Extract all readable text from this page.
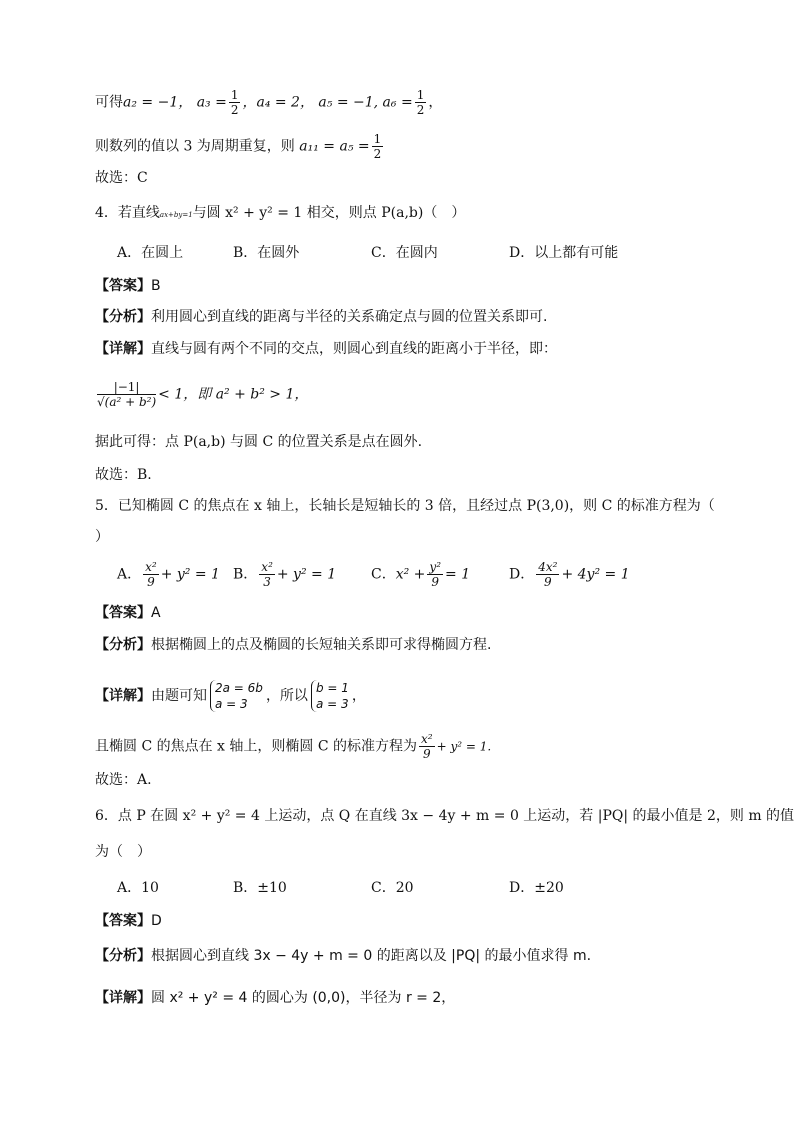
可得a₂ = −1， $a_3 = \frac{1}{2}$ ，a₄ = 2， a₅ = −1, $a_6 = \frac{1}{2}$ ，
则数列的值以 3 为周期重复，则 $a_{11} = a_5 = \frac{1}{2}$
故选：C
4．若直线ax+by=1与圆 x² + y² = 1 相交，则点 P(a,b)（　）
A．在圆上	B．在圆外	C．在圆内	D．以上都有可能
【答案】B
【分析】利用圆心到直线的距离与半径的关系确定点与圆的位置关系即可.
【详解】直线与圆有两个不同的交点，则圆心到直线的距离小于半径，即：
$\frac{|-1|}{\text{√(a² + b²)}} < 1$，即 a² + b² > 1，
据此可得：点 P(a,b) 与圆 C 的位置关系是点在圆外.
故选：B.
5．已知椭圆 C 的焦点在 x 轴上，长轴长是短轴长的 3 倍，且经过点 P(3,0)，则 C 的标准方程为（
）
A． $\frac{\text{x²}}{9} + y^2 = 1$ B． $\frac{\text{x²}}{3} + y^2 = 1$ C．$x^2 + \frac{\text{y²}}{9} = 1$	D． $\frac{\text{4x²}}{9} + 4y^2 = 1$
【答案】A
【分析】根据椭圆上的点及椭圆的长短轴关系即可求得椭圆方程.
【详解】由题可知 2a = 6b
a = 3	，所以 b = 1
a = 3 ，
且椭圆 C 的焦点在 x 轴上，则椭圆 C 的标准方程为 $\frac{\text{x²}}{9} + y^2 = 1$.
故选：A.
6．点 P 在圆 x² + y² = 4 上运动，点 Q 在直线 3x − 4y + m = 0 上运动，若 |PQ| 的最小值是 2，则 m 的值
为（　）
A．10	B．±10	C．20	D．±20
【答案】D
【分析】根据圆心到直线 3x − 4y + m = 0 的距离以及 |PQ| 的最小值求得 m.
【详解】圆 x² + y² = 4 的圆心为 (0,0)，半径为 r = 2，
